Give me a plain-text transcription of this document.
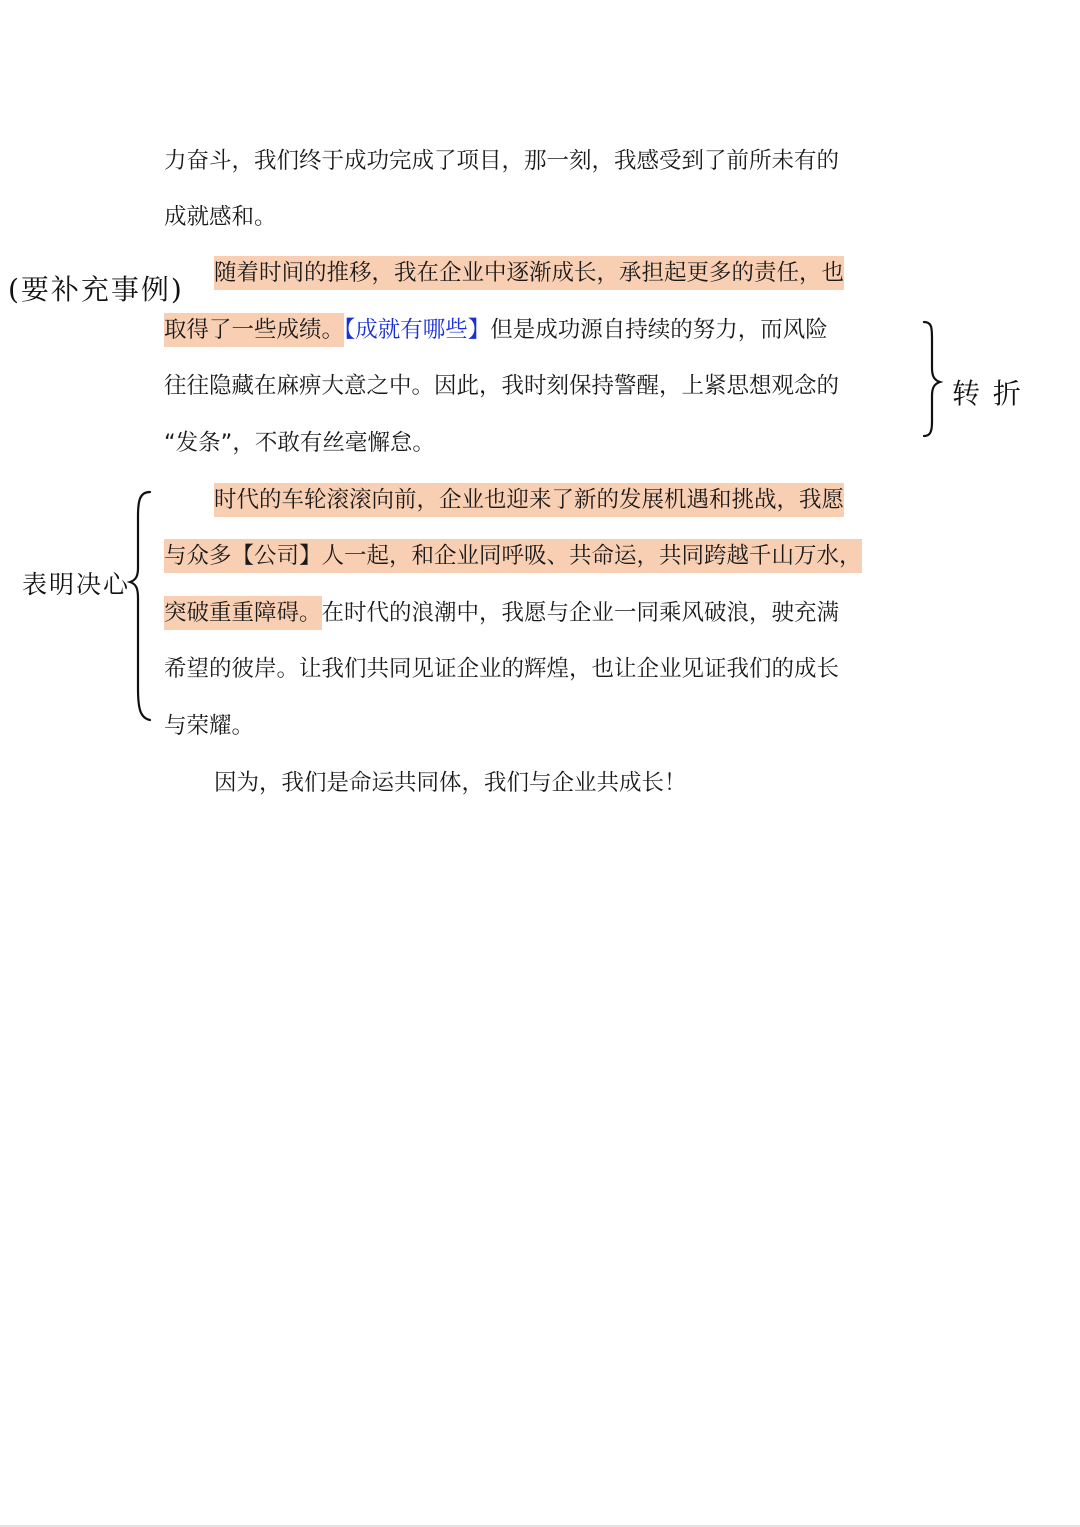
力奋斗，我们终于成功完成了项目，那一刻，我感受到了前所未有的
成就感和。
随着时间的推移，我在企业中逐渐成长，承担起更多的责任，也
取得了一些成绩。【成就有哪些】但是成功源自持续的努力，而风险
往往隐藏在麻痹大意之中。因此，我时刻保持警醒，上紧思想观念的
“发条”，不敢有丝毫懈怠。
时代的车轮滚滚向前，企业也迎来了新的发展机遇和挑战，我愿
与众多【公司】人一起，和企业同呼吸、共命运，共同跨越千山万水，
突破重重障碍。在时代的浪潮中，我愿与企业一同乘风破浪，驶充满
希望的彼岸。让我们共同见证企业的辉煌，也让企业见证我们的成长
与荣耀。
因为，我们是命运共同体，我们与企业共成长！
(要补充事例)
转 折
表明决心
